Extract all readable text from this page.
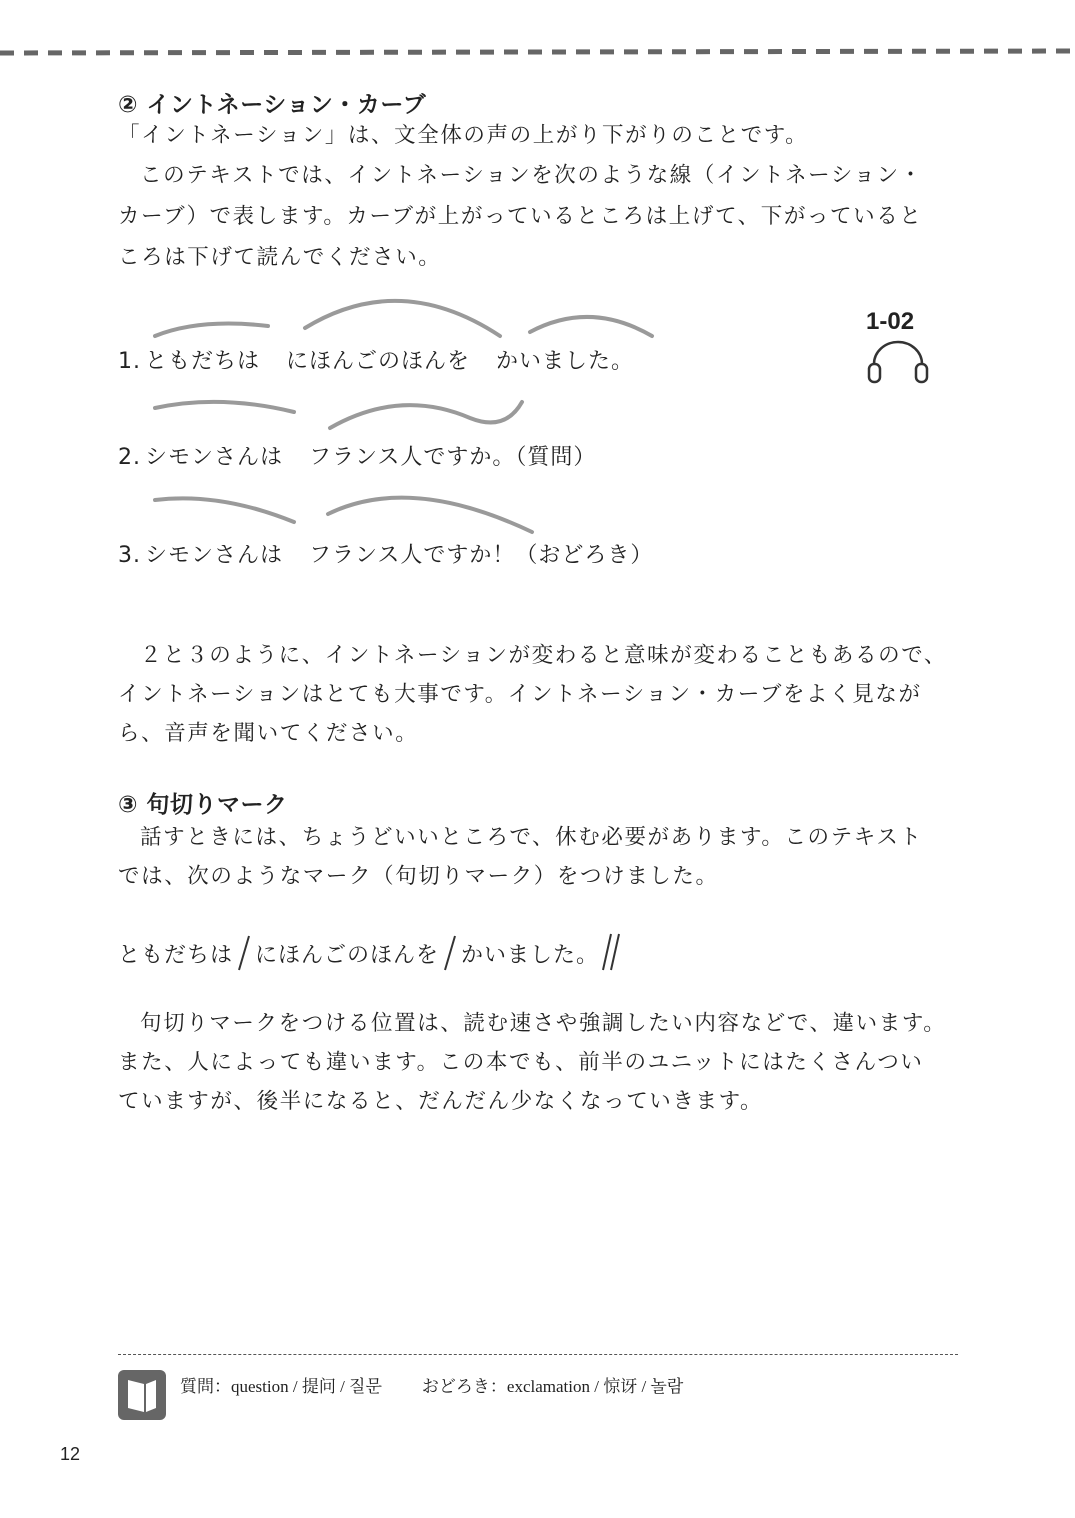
② イントネーション・カーブ
「イントネーション」は、文全体の声の上がり下がりのことです。
このテキストでは、イントネーションを次のような線（イントネーション・
カーブ）で表します。カーブが上がっているところは上げて、下がっていると
ころは下げて読んでください。
1-02
1. ともだちは にほんごのほんを かいました。
2. シモンさんは フランス人ですか。（質問）
3. シモンさんは フランス人ですか！（おどろき）
２と３のように、イントネーションが変わると意味が変わることもあるので、
イントネーションはとても大事です。イントネーション・カーブをよく見なが
ら、音声を聞いてください。
③ 句切りマーク
話すときには、ちょうどいいところで、休む必要があります。このテキスト
では、次のようなマーク（句切りマーク）をつけました。
ともだちは にほんごのほんを かいました。
句切りマークをつける位置は、読む速さや強調したい内容などで、違います。
また、人によっても違います。この本でも、前半のユニットにはたくさんつい
ていますが、後半になると、だんだん少なくなっていきます。
質問：question / 提问 / 질문 おどろき：exclamation / 惊讶 / 놀람
12
